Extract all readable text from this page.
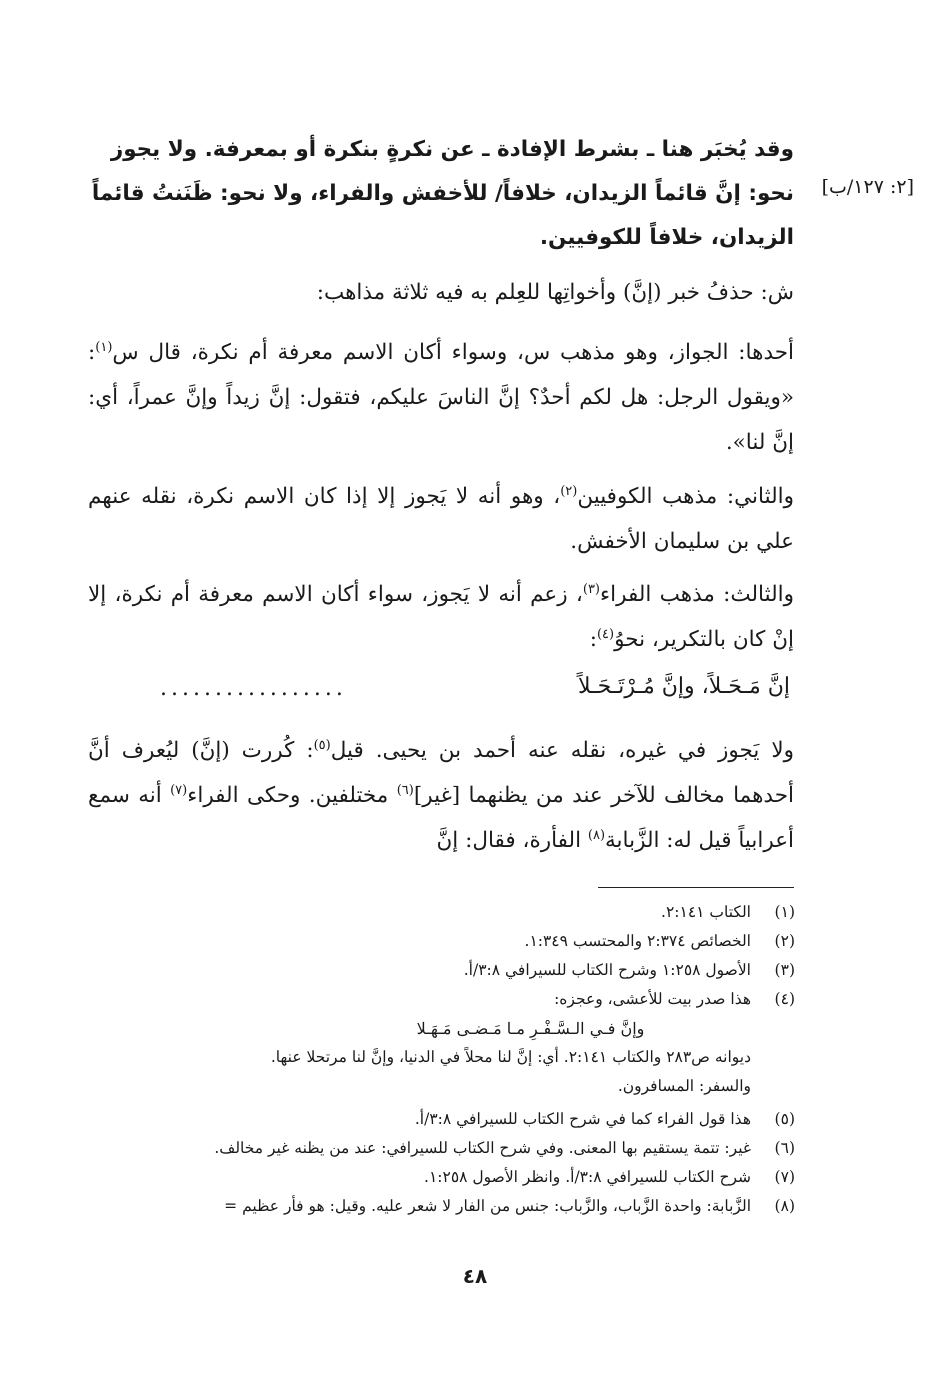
وقد يُخبَر هنا ـ بشرط الإفادة ـ عن نكرةٍ بنكرة أو بمعرفة. ولا يجوز
نحو: إنَّ قائماً الزيدان، خلافاً/ للأخفش والفراء، ولا نحو: ظَنَنتُ قائماً
الزيدان، خلافاً للكوفيين.
[٢: ١٢٧/ب]
ش: حذفُ خبر (إنَّ) وأخواتِها للعِلم به فيه ثلاثة مذاهب:
أحدها: الجواز، وهو مذهب س، وسواء أكان الاسم معرفة أم نكرة، قال س$^{(١)}$: «ويقول الرجل: هل لكم أحدٌ؟ إنَّ الناسَ عليكم، فتقول: إنَّ زيداً وإنَّ عمراً، أي: إنَّ لنا».
والثاني: مذهب الكوفيين$^{(٢)}$، وهو أنه لا يَجوز إلا إذا كان الاسم نكرة، نقله عنهم علي بن سليمان الأخفش.
والثالث: مذهب الفراء$^{(٣)}$، زعم أنه لا يَجوز، سواء أكان الاسم معرفة أم نكرة، إلا إنْ كان بالتكرير، نحوُ$^{(٤)}$:
إنَّ مَـحَـلاً، وإنَّ مُـرْتَـحَـلاً
.................
ولا يَجوز في غيره، نقله عنه أحمد بن يحيى. قيل$^{(٥)}$: كُررت (إنَّ) ليُعرف أنَّ أحدهما مخالف للآخر عند من يظنهما [غير]$^{(٦)}$ مختلفين. وحكى الفراء$^{(٧)}$ أنه سمع أعرابياً قيل له: الزَّبابة$^{(٨)}$ الفأرة، فقال: إنَّ
(١)
الكتاب ٢:١٤١.
(٢)
الخصائص ٢:٣٧٤ والمحتسب ١:٣٤٩.
(٣)
الأصول ١:٢٥٨ وشرح الكتاب للسيرافي ٣:٨/أ.
(٤)
هذا صدر بيت للأعشى، وعجزه:
وإنَّ فـي الـسَّـفْـرِ مـا مَـضـى مَـهَـلا
ديوانه ص٢٨٣ والكتاب ٢:١٤١. أي: إنَّ لنا محلاً في الدنيا، وإنَّ لنا مرتحلا عنها.
والسفر: المسافرون.
(٥)
هذا قول الفراء كما في شرح الكتاب للسيرافي ٣:٨/أ.
(٦)
غير: تتمة يستقيم بها المعنى. وفي شرح الكتاب للسيرافي: عند من يظنه غير مخالف.
(٧)
شرح الكتاب للسيرافي ٣:٨/أ. وانظر الأصول ١:٢٥٨.
(٨)
الزَّبابة: واحدة الزَّباب، والزَّباب: جنس من الفار لا شعر عليه. وقيل: هو فأر عظيم =
٤٨
